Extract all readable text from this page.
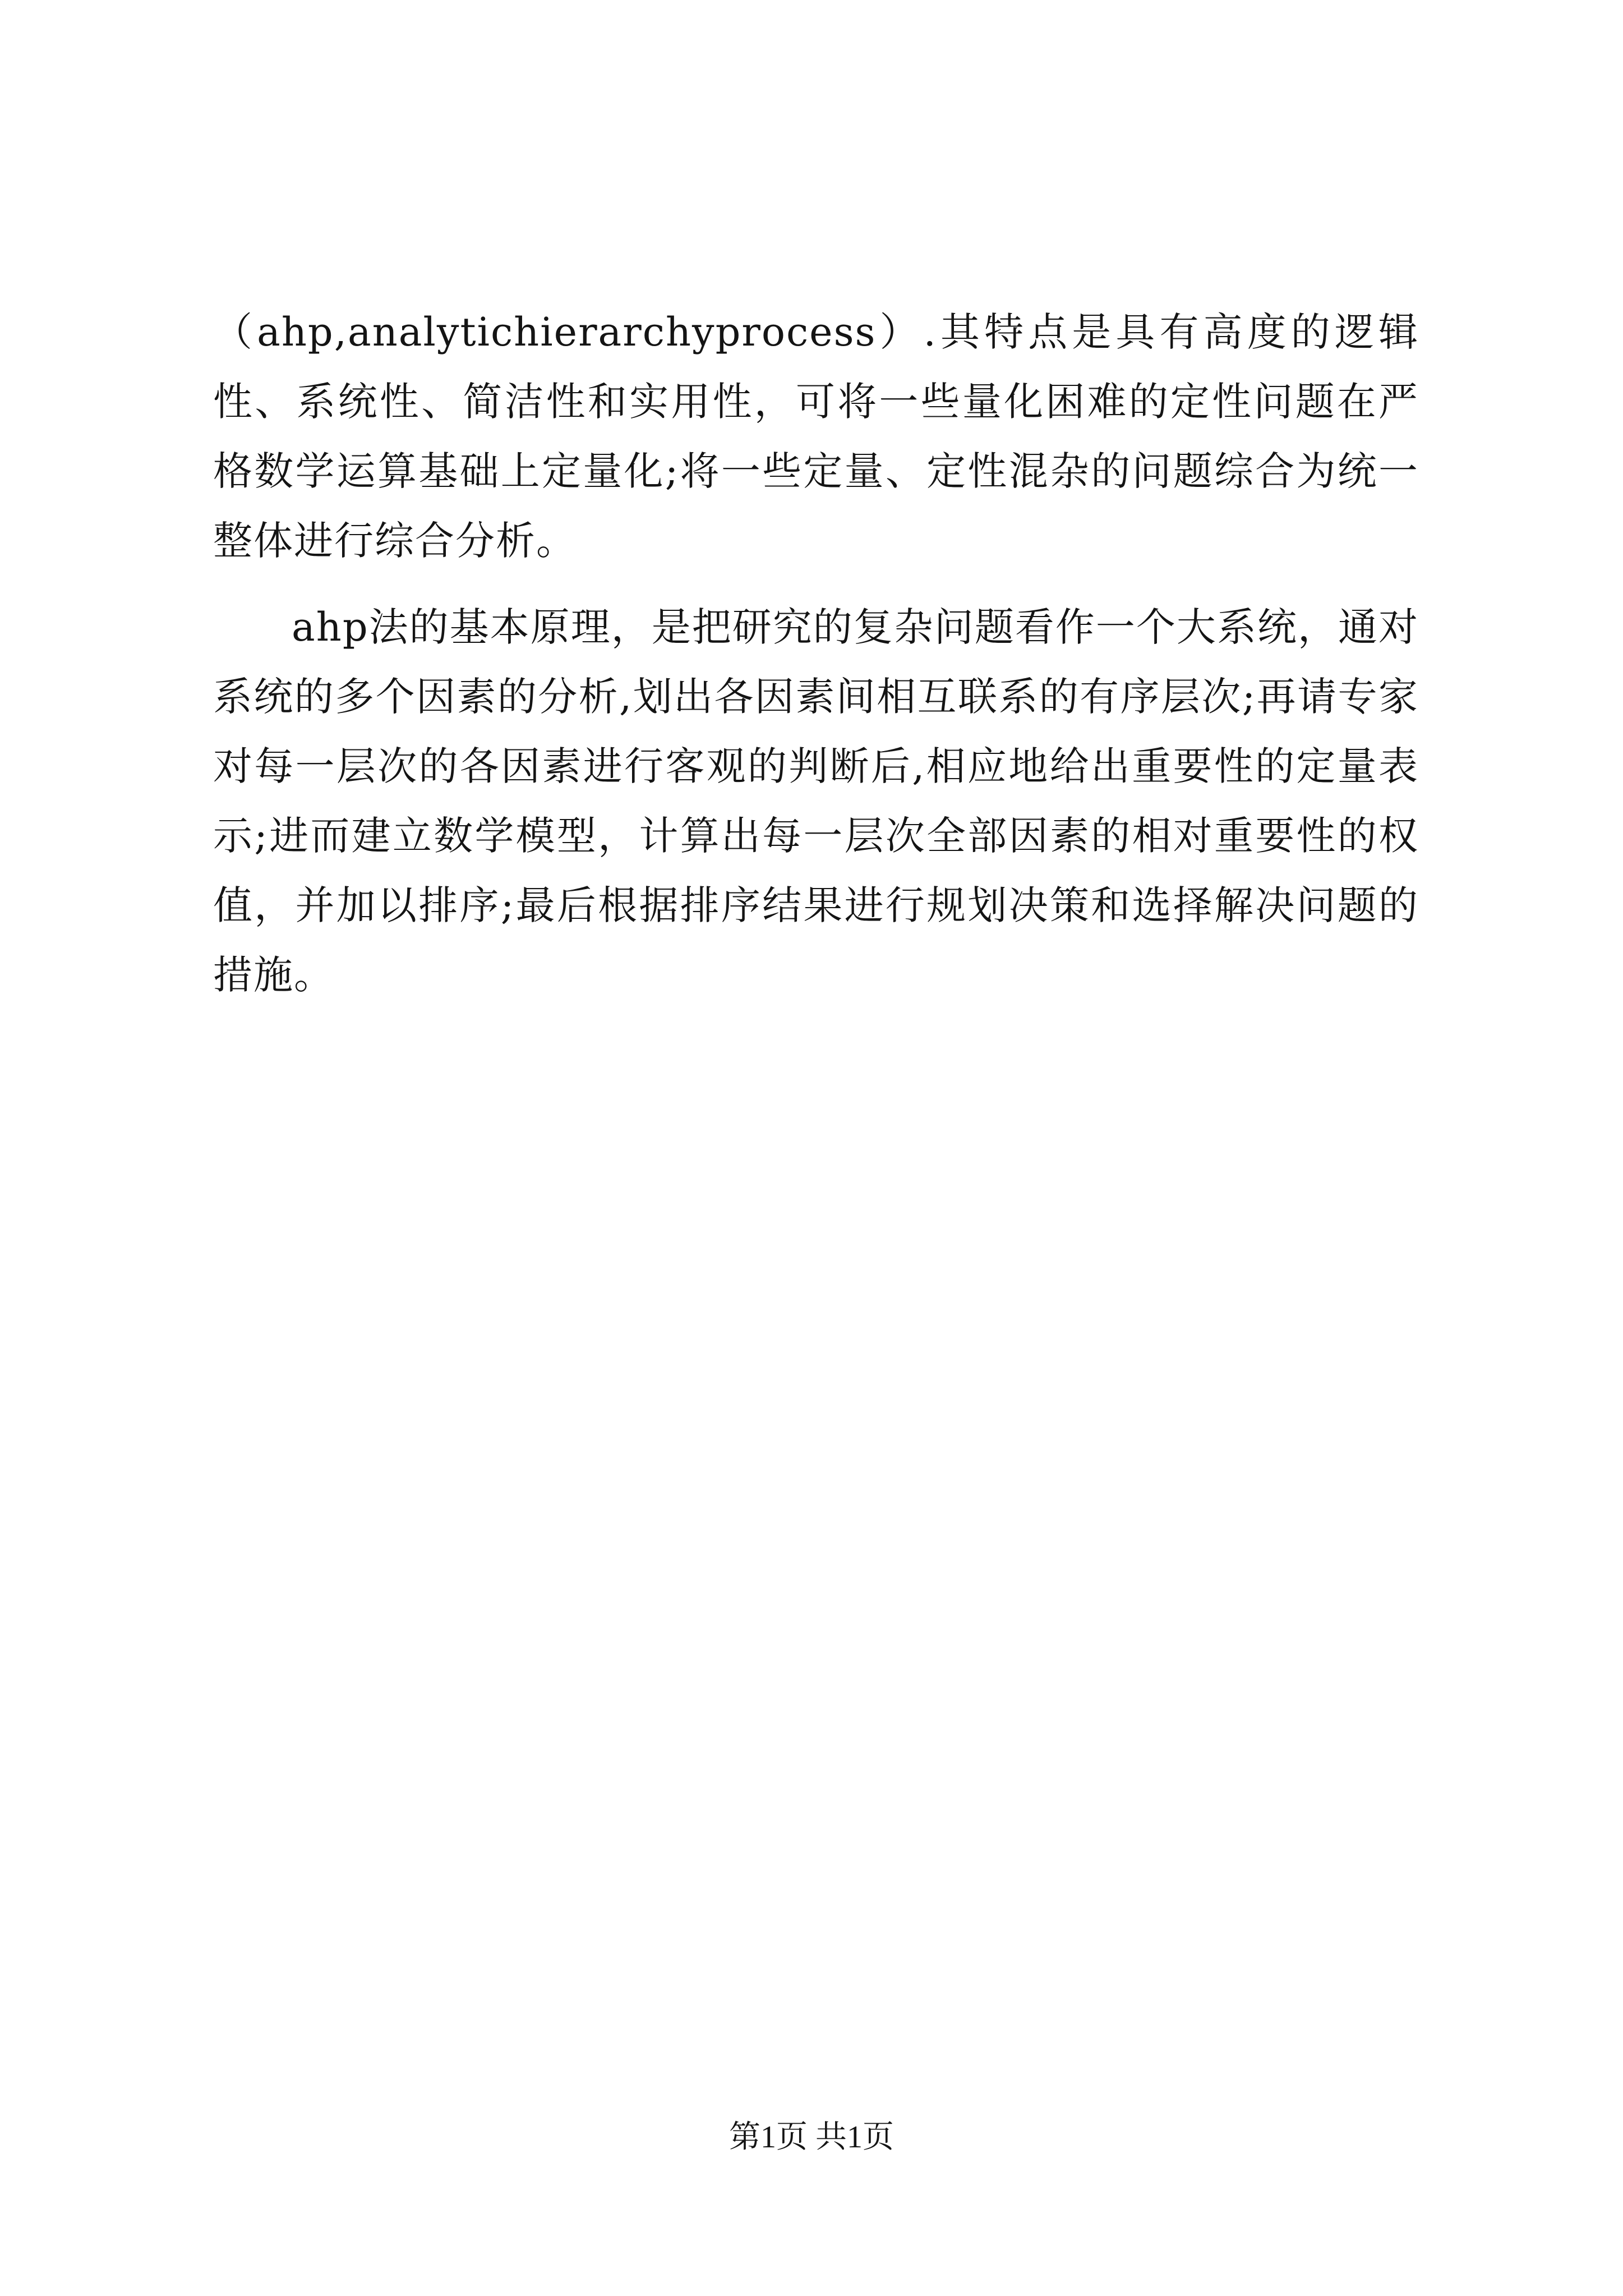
（ahp,analytichierarchyprocess）.其特点是具有高度的逻辑性、系统性、简洁性和实用性，可将一些量化困难的定性问题在严格数学运算基础上定量化;将一些定量、定性混杂的问题综合为统一整体进行综合分析。

ahp法的基本原理，是把研究的复杂问题看作一个大系统，通对系统的多个因素的分析,划出各因素间相互联系的有序层次;再请专家对每一层次的各因素进行客观的判断后,相应地给出重要性的定量表示;进而建立数学模型，计算出每一层次全部因素的相对重要性的权值，并加以排序;最后根据排序结果进行规划决策和选择解决问题的措施。

第1页 共1页
